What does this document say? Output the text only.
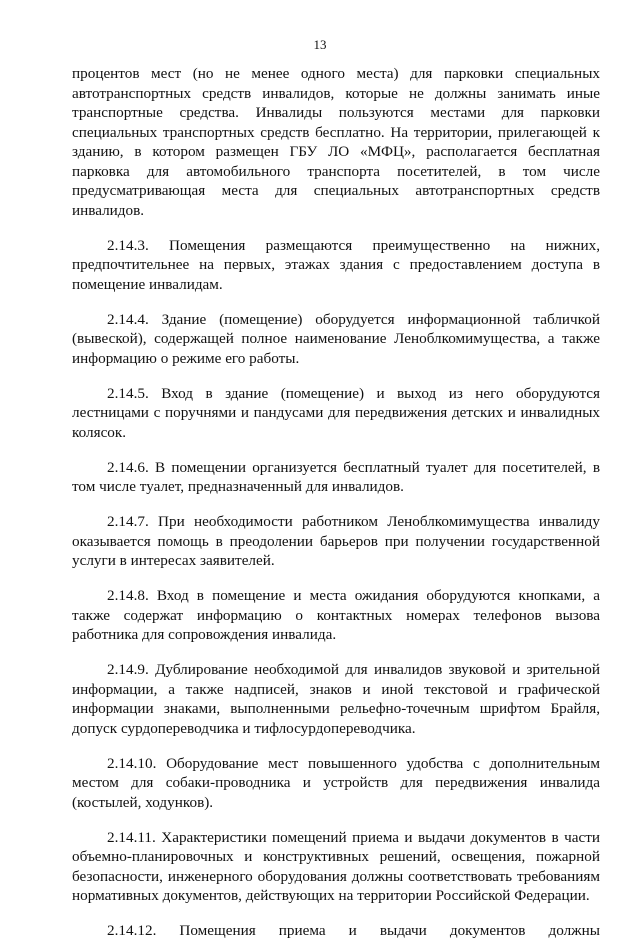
13

процентов мест (но не менее одного места) для парковки специальных автотранспортных средств инвалидов, которые не должны занимать иные транспортные средства. Инвалиды пользуются местами для парковки специальных транспортных средств бесплатно. На территории, прилегающей к зданию, в котором размещен ГБУ ЛО «МФЦ», располагается бесплатная парковка для автомобильного транспорта посетителей, в том числе предусматривающая места для специальных автотранспортных средств инвалидов.

2.14.3. Помещения размещаются преимущественно на нижних, предпочтительнее на первых, этажах здания с предоставлением доступа в помещение инвалидам.

2.14.4. Здание (помещение) оборудуется информационной табличкой (вывеской), содержащей полное наименование Леноблкомимущества, а также информацию о режиме его работы.

2.14.5. Вход в здание (помещение) и выход из него оборудуются лестницами с поручнями и пандусами для передвижения детских и инвалидных колясок.

2.14.6. В помещении организуется бесплатный туалет для посетителей, в том числе туалет, предназначенный для инвалидов.

2.14.7. При необходимости работником Леноблкомимущества инвалиду оказывается помощь в преодолении барьеров при получении государственной услуги в интересах заявителей.

2.14.8. Вход в помещение и места ожидания оборудуются кнопками, а также содержат информацию о контактных номерах телефонов вызова работника для сопровождения инвалида.

2.14.9. Дублирование необходимой для инвалидов звуковой и зрительной информации, а также надписей, знаков и иной текстовой и графической информации знаками, выполненными рельефно-точечным шрифтом Брайля, допуск сурдопереводчика и тифлосурдопереводчика.

2.14.10. Оборудование мест повышенного удобства с дополнительным местом для собаки-проводника и устройств для передвижения инвалида (костылей, ходунков).

2.14.11. Характеристики помещений приема и выдачи документов в части объемно-планировочных и конструктивных решений, освещения, пожарной безопасности, инженерного оборудования должны соответствовать требованиям нормативных документов, действующих на территории Российской Федерации.

2.14.12. Помещения приема и выдачи документов должны
